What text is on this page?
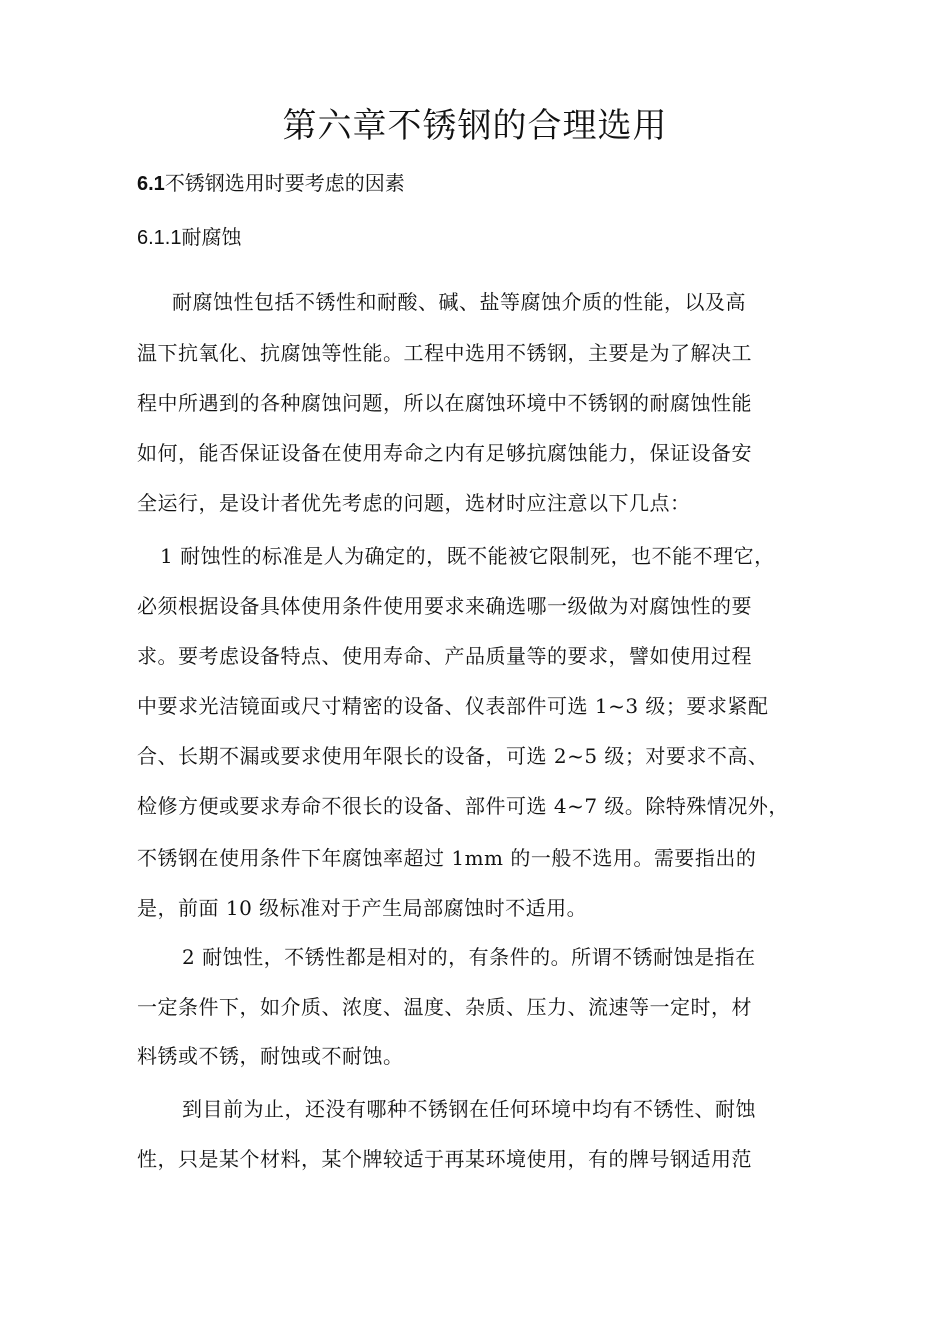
第六章不锈钢的合理选用
6.1不锈钢选用时要考虑的因素
6.1.1耐腐蚀
耐腐蚀性包括不锈性和耐酸、碱、盐等腐蚀介质的性能，以及高
温下抗氧化、抗腐蚀等性能。工程中选用不锈钢，主要是为了解决工
程中所遇到的各种腐蚀问题，所以在腐蚀环境中不锈钢的耐腐蚀性能
如何，能否保证设备在使用寿命之内有足够抗腐蚀能力，保证设备安
全运行，是设计者优先考虑的问题，选材时应注意以下几点：
1 耐蚀性的标准是人为确定的，既不能被它限制死，也不能不理它，
必须根据设备具体使用条件使用要求来确选哪一级做为对腐蚀性的要
求。要考虑设备特点、使用寿命、产品质量等的要求，譬如使用过程
中要求光洁镜面或尺寸精密的设备、仪表部件可选 1~3 级；要求紧配
合、长期不漏或要求使用年限长的设备，可选 2~5 级；对要求不高、
检修方便或要求寿命不很长的设备、部件可选 4~7 级。除特殊情况外，
不锈钢在使用条件下年腐蚀率超过 1mm 的一般不选用。需要指出的
是，前面 10 级标准对于产生局部腐蚀时不适用。
2 耐蚀性，不锈性都是相对的，有条件的。所谓不锈耐蚀是指在
一定条件下，如介质、浓度、温度、杂质、压力、流速等一定时，材
料锈或不锈，耐蚀或不耐蚀。
到目前为止，还没有哪种不锈钢在任何环境中均有不锈性、耐蚀
性，只是某个材料，某个牌较适于再某环境使用，有的牌号钢适用范
